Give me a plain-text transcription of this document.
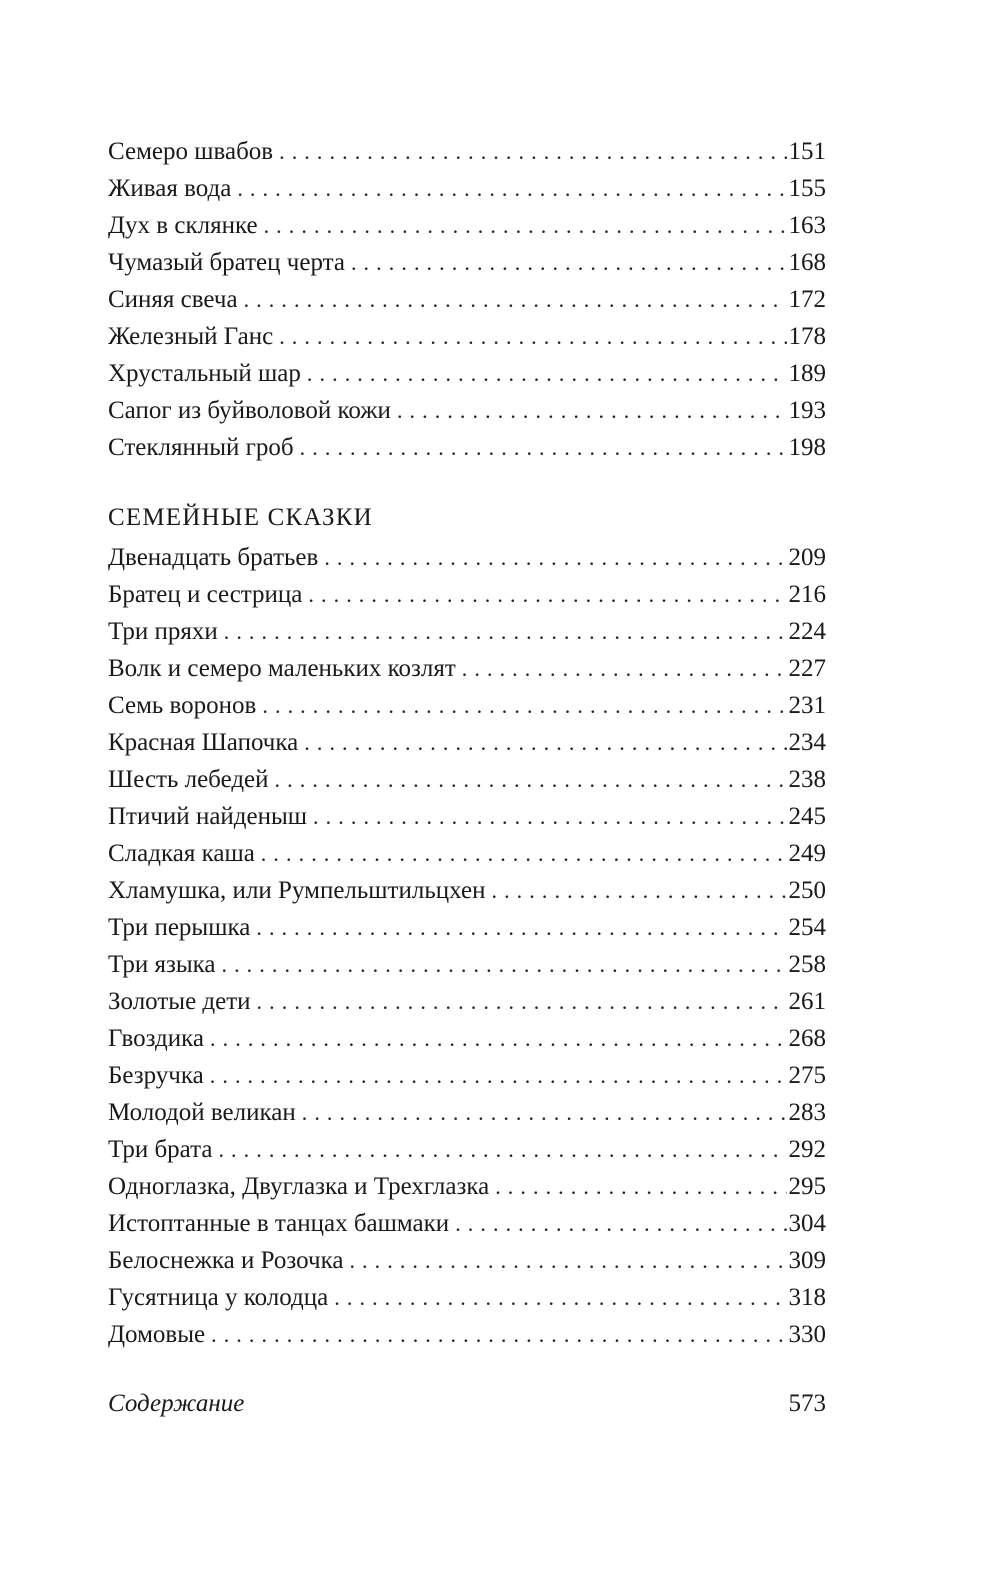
Семеро швабов . . .	151
Живая вода . . .	155
Дух в склянке . . .	163
Чумазый братец черта . . .	168
Синяя свеча . . .	172
Железный Ганс . . .	178
Хрустальный шар . . .	189
Сапог из буйволовой кожи . . .	193
Стеклянный гроб . . .	198
СЕМЕЙНЫЕ СКАЗКИ
Двенадцать братьев . . .	209
Братец и сестрица . . .	216
Три пряхи . . .	224
Волк и семеро маленьких козлят . . .	227
Семь воронов . . .	231
Красная Шапочка . . .	234
Шесть лебедей . . .	238
Птичий найденыш . . .	245
Сладкая каша . . .	249
Хламушка, или Румпельштильцхен . . .	250
Три перышка . . .	254
Три языка . . .	258
Золотые дети . . .	261
Гвоздика . . .	268
Безручка . . .	275
Молодой великан . . .	283
Три брата . . .	292
Одноглазка, Двуглазка и Трехглазка . . .	295
Истоптанные в танцах башмаки . . .	304
Белоснежка и Розочка . . .	309
Гусятница у колодца . . .	318
Домовые . . .	330
Содержание	573
